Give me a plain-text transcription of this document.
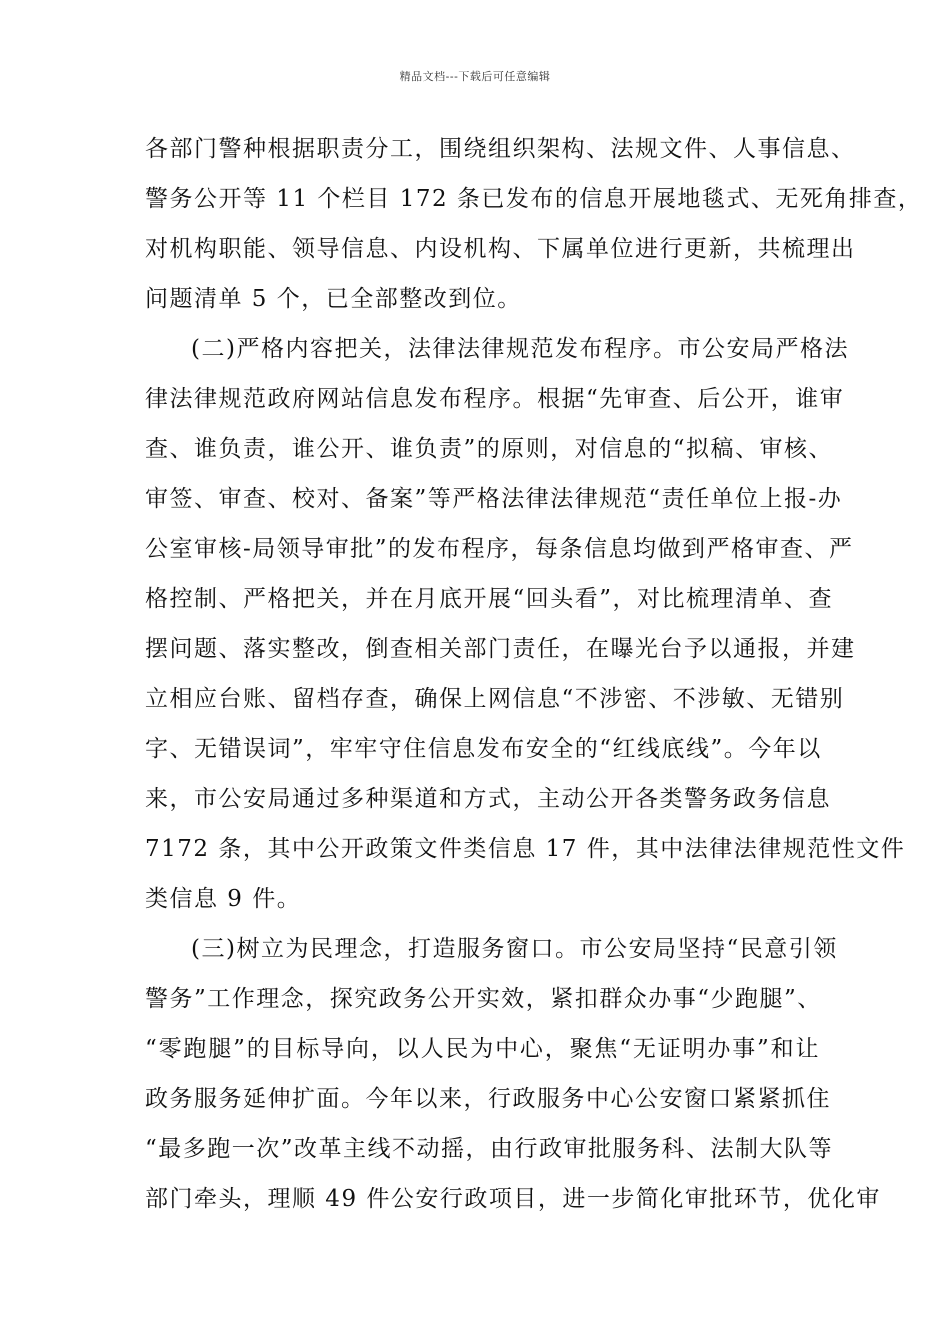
精品文档---下载后可任意编辑
各部门警种根据职责分工，围绕组织架构、法规文件、人事信息、
警务公开等 11 个栏目 172 条已发布的信息开展地毯式、无死角排查，
对机构职能、领导信息、内设机构、下属单位进行更新，共梳理出
问题清单 5 个，已全部整改到位。
(二)严格内容把关，法律法律规范发布程序。市公安局严格法
律法律规范政府网站信息发布程序。根据“先审查、后公开，谁审
查、谁负责，谁公开、谁负责”的原则，对信息的“拟稿、审核、
审签、审查、校对、备案”等严格法律法律规范“责任单位上报-办
公室审核-局领导审批”的发布程序，每条信息均做到严格审查、严
格控制、严格把关，并在月底开展“回头看”，对比梳理清单、查
摆问题、落实整改，倒查相关部门责任，在曝光台予以通报，并建
立相应台账、留档存查，确保上网信息“不涉密、不涉敏、无错别
字、无错误词”，牢牢守住信息发布安全的“红线底线”。今年以
来，市公安局通过多种渠道和方式，主动公开各类警务政务信息
7172 条，其中公开政策文件类信息 17 件，其中法律法律规范性文件
类信息 9 件。
(三)树立为民理念，打造服务窗口。市公安局坚持“民意引领
警务”工作理念，探究政务公开实效，紧扣群众办事“少跑腿”、
“零跑腿”的目标导向，以人民为中心，聚焦“无证明办事”和让
政务服务延伸扩面。今年以来，行政服务中心公安窗口紧紧抓住
“最多跑一次”改革主线不动摇，由行政审批服务科、法制大队等
部门牵头，理顺 49 件公安行政项目，进一步简化审批环节，优化审
